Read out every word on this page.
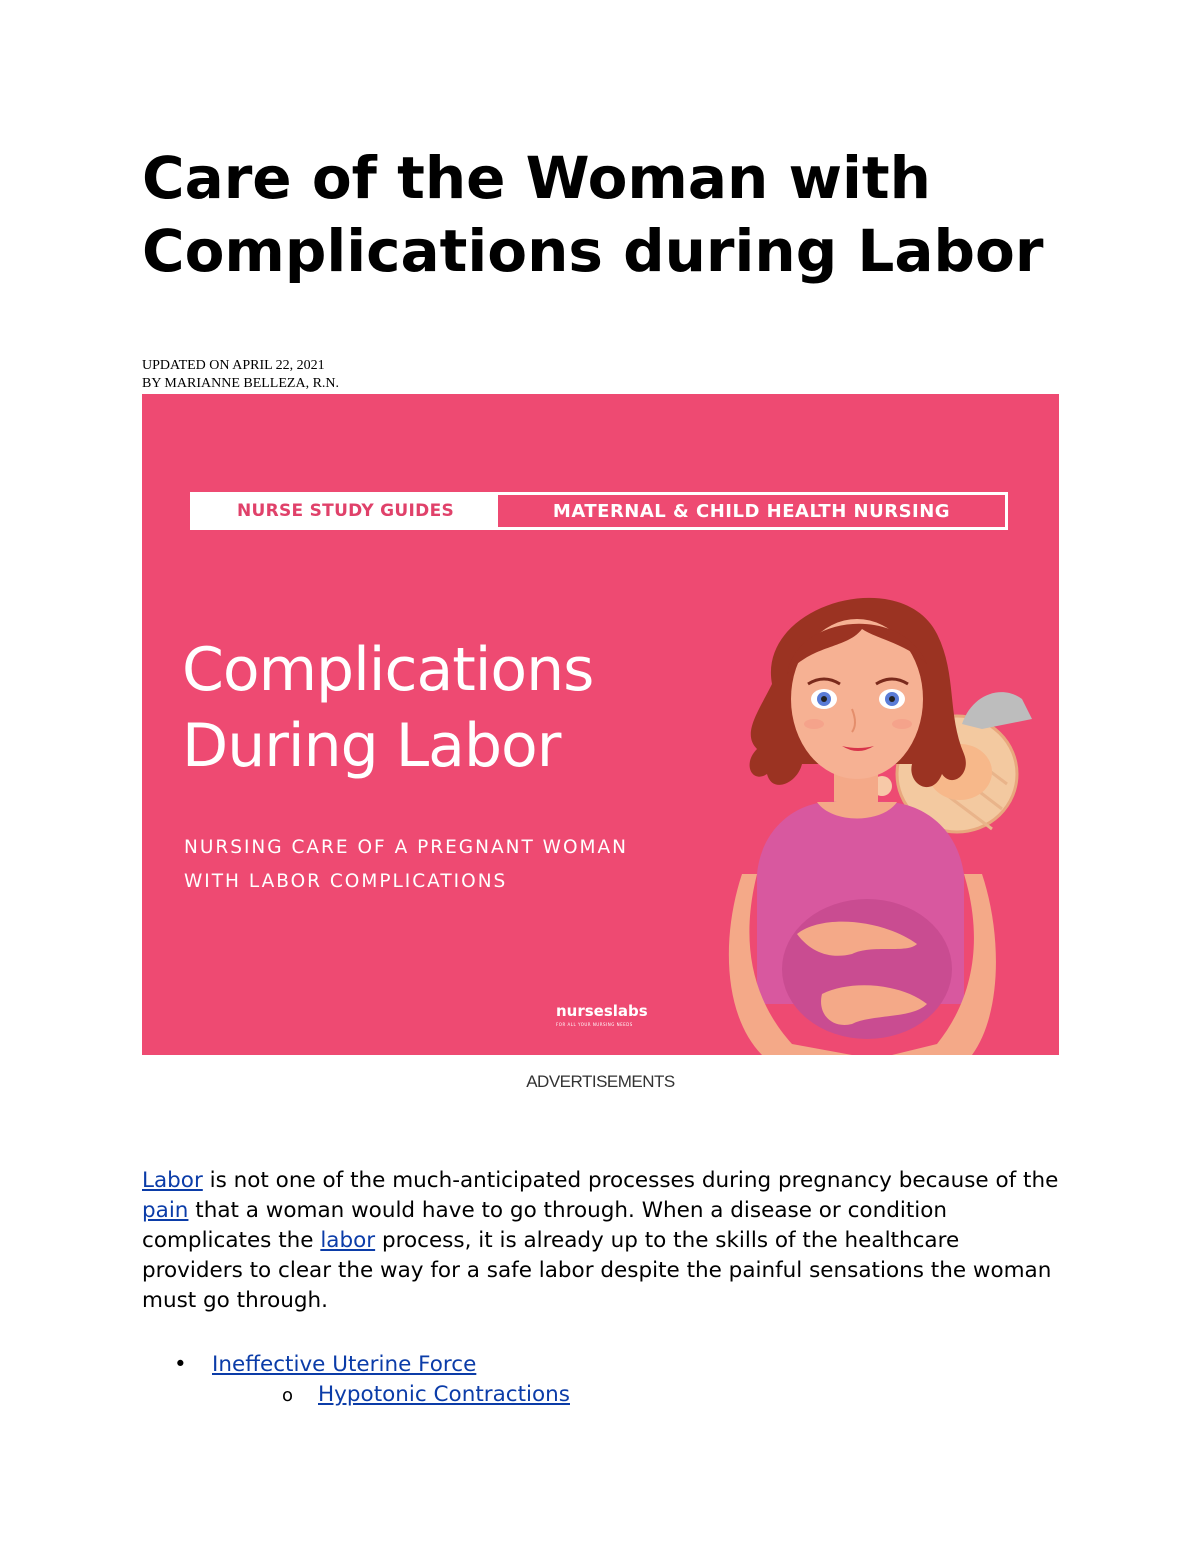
Care of the Woman with Complications during Labor

UPDATED ON APRIL 22, 2021

BY MARIANNE BELLEZA, R.N.

NURSE STUDY GUIDES	MATERNAL & CHILD HEALTH NURSING
Complications
During Labor
NURSING CARE OF A PREGNANT WOMAN
WITH LABOR COMPLICATIONS
nurseslabs
FOR ALL YOUR NURSING NEEDS
ADVERTISEMENTS

Labor is not one of the much-anticipated processes during pregnancy because of the pain that a woman would have to go through. When a disease or condition complicates the labor process, it is already up to the skills of the healthcare providers to clear the way for a safe labor despite the painful sensations the woman must go through.

• Ineffective Uterine Force
o Hypotonic Contractions
